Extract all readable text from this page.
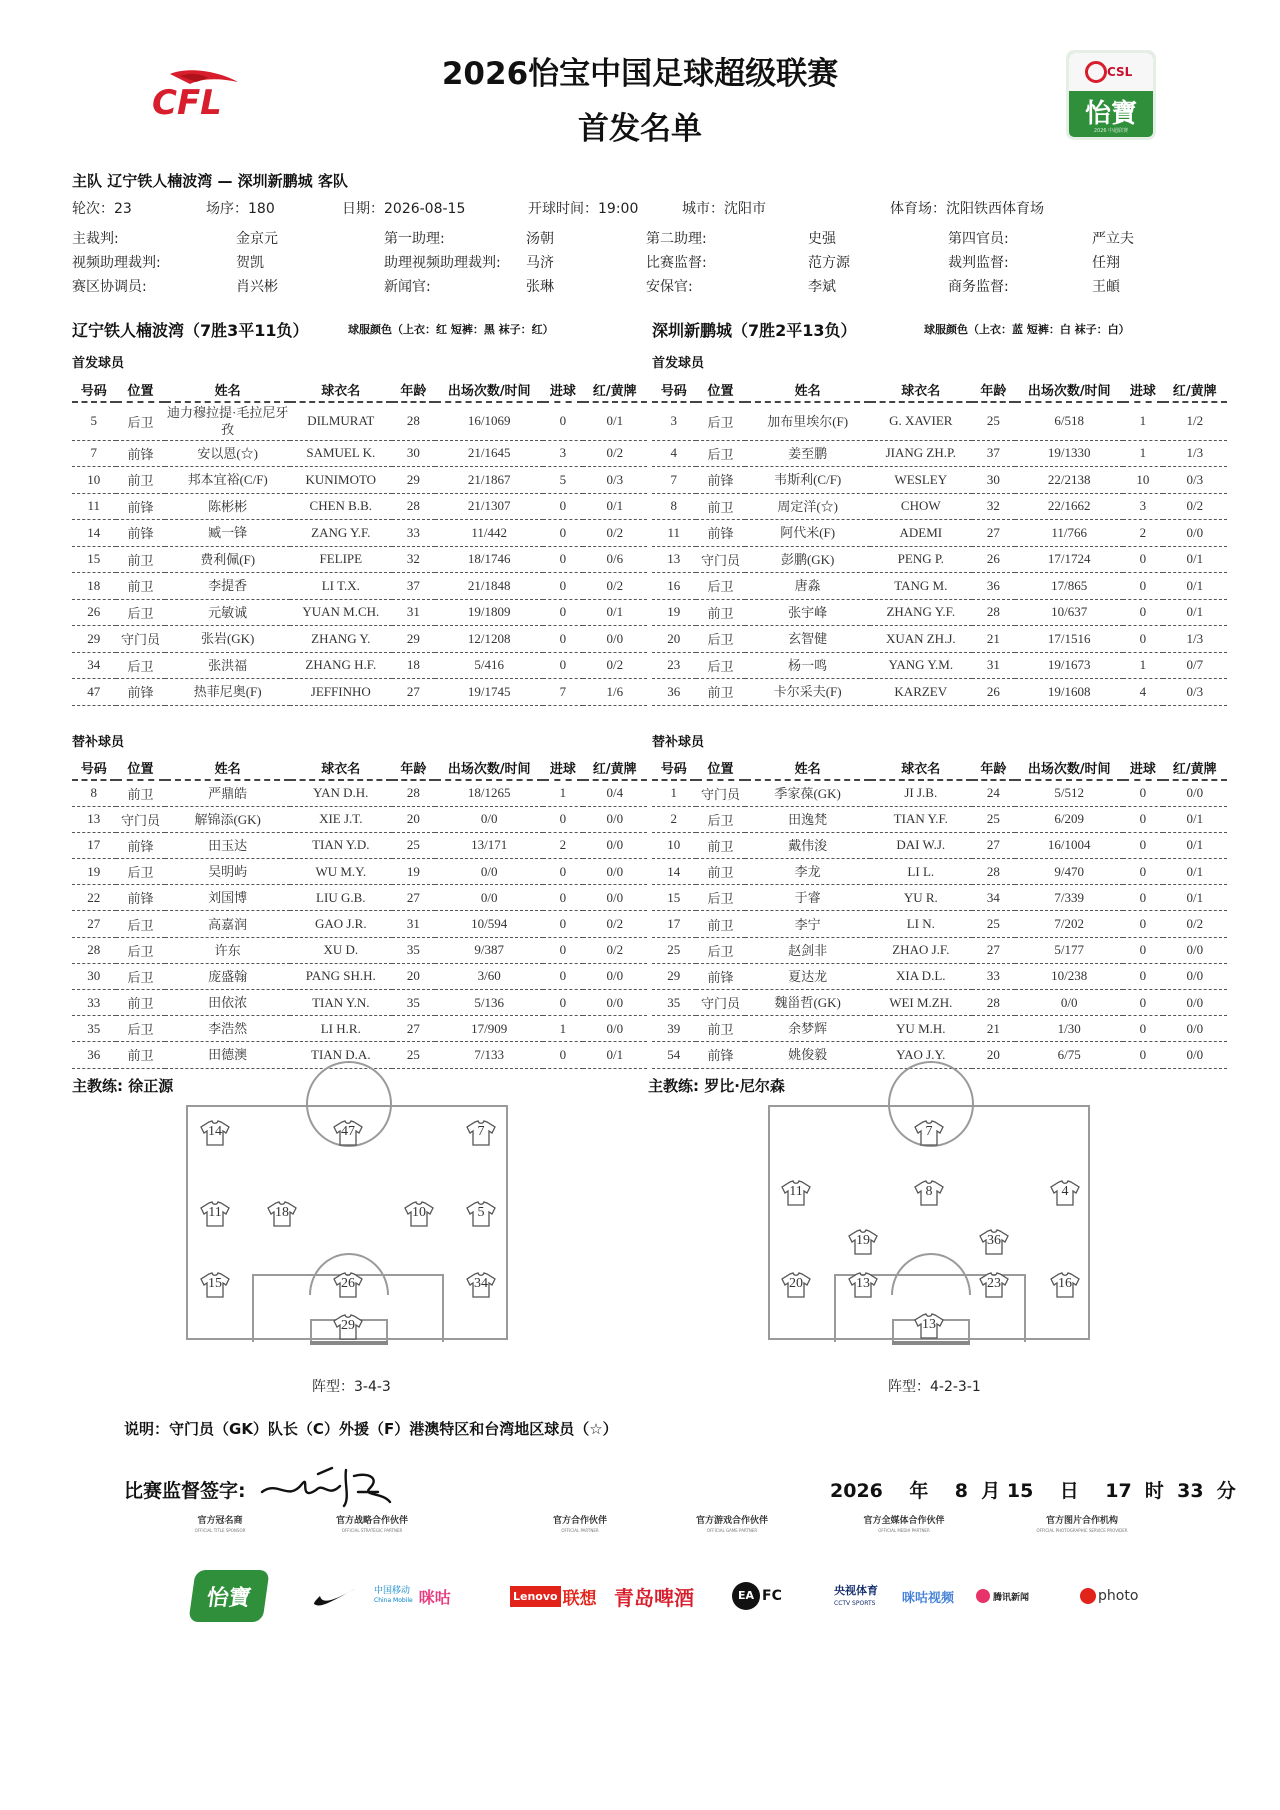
CFL
2026怡宝中国足球超级联赛
首发名单
CSL
怡寶
2026 中超联赛
主队 辽宁铁人楠波湾 — 深圳新鹏城 客队
轮次：23	场序：180	日期：2026-08-15	开球时间：19:00	城市：沈阳市	体育场：沈阳铁西体育场
主裁判:	金京元	第一助理:	汤朝	第二助理:	史强	第四官员:	严立夫
视频助理裁判:	贺凯	助理视频助理裁判: 马济	比赛监督:	范方源	裁判监督:	任翔
赛区协调员:	肖兴彬	新闻官:	张琳	安保官:	李斌	商务监督:	王頔
辽宁铁人楠波湾（7胜3平11负）	球服颜色（上衣：红 短裤：黑 袜子：红）
首发球员
号码	位置	姓名	球衣名	年龄	出场次数/时间	进球	红/黄牌
5	后卫	迪力穆拉提·毛拉尼牙孜	DILMURAT	28	16/1069	0	0/1
7	前锋	安以恩(☆)	SAMUEL K.	30	21/1645	3	0/2
10	前卫	邦本宜裕(C/F)	KUNIMOTO	29	21/1867	5	0/3
11	前锋	陈彬彬	CHEN B.B.	28	21/1307	0	0/1
14	前锋	臧一锋	ZANG Y.F.	33	11/442	0	0/2
15	前卫	费利佩(F)	FELIPE	32	18/1746	0	0/6
18	前卫	李提香	LI T.X.	37	21/1848	0	0/2
26	后卫	元敏诚	YUAN M.CH.	31	19/1809	0	0/1
29	守门员	张岩(GK)	ZHANG Y.	29	12/1208	0	0/0
34	后卫	张洪福	ZHANG H.F.	18	5/416	0	0/2
47	前锋	热菲尼奥(F)	JEFFINHO	27	19/1745	7	1/6
替补球员
号码	位置	姓名	球衣名	年龄	出场次数/时间	进球	红/黄牌
8	前卫	严鼎皓	YAN D.H.	28	18/1265	1	0/4
13	守门员	解锦添(GK)	XIE J.T.	20	0/0	0	0/0
17	前锋	田玉达	TIAN Y.D.	25	13/171	2	0/0
19	后卫	吴明屿	WU M.Y.	19	0/0	0	0/0
22	前锋	刘国博	LIU G.B.	27	0/0	0	0/0
27	后卫	高嘉润	GAO J.R.	31	10/594	0	0/2
28	后卫	许东	XU D.	35	9/387	0	0/2
30	后卫	庞盛翰	PANG SH.H.	20	3/60	0	0/0
33	前卫	田依浓	TIAN Y.N.	35	5/136	0	0/0
35	后卫	李浩然	LI H.R.	27	17/909	1	0/0
36	前卫	田德澳	TIAN D.A.	25	7/133	0	0/1
深圳新鹏城（7胜2平13负）	球服颜色（上衣：蓝 短裤：白 袜子：白）
首发球员
号码	位置	姓名	球衣名	年龄	出场次数/时间	进球	红/黄牌
3	后卫	加布里埃尔(F)	G. XAVIER	25	6/518	1	1/2
4	后卫	姜至鹏	JIANG ZH.P.	37	19/1330	1	1/3
7	前锋	韦斯利(C/F)	WESLEY	30	22/2138	10	0/3
8	前卫	周定洋(☆)	CHOW	32	22/1662	3	0/2
11	前锋	阿代米(F)	ADEMI	27	11/766	2	0/0
13	守门员	彭鹏(GK)	PENG P.	26	17/1724	0	0/1
16	后卫	唐淼	TANG M.	36	17/865	0	0/1
19	前卫	张宇峰	ZHANG Y.F.	28	10/637	0	0/1
20	后卫	玄智健	XUAN ZH.J.	21	17/1516	0	1/3
23	后卫	杨一鸣	YANG Y.M.	31	19/1673	1	0/7
36	前卫	卡尔采夫(F)	KARZEV	26	19/1608	4	0/3
替补球员
号码	位置	姓名	球衣名	年龄	出场次数/时间	进球	红/黄牌
1	守门员	季家葆(GK)	JI J.B.	24	5/512	0	0/0
2	后卫	田逸梵	TIAN Y.F.	25	6/209	0	0/1
10	前卫	戴伟浚	DAI W.J.	27	16/1004	0	0/1
14	前卫	李龙	LI L.	28	9/470	0	0/1
15	后卫	于睿	YU R.	34	7/339	0	0/1
17	前卫	李宁	LI N.	25	7/202	0	0/2
25	后卫	赵剑非	ZHAO J.F.	27	5/177	0	0/0
29	前锋	夏达龙	XIA D.L.	33	10/238	0	0/0
35	守门员	魏甾哲(GK)	WEI M.ZH.	28	0/0	0	0/0
39	前卫	余梦辉	YU M.H.	21	1/30	0	0/0
54	前锋	姚俊毅	YAO J.Y.	20	6/75	0	0/0
主教练: 徐正源	主教练: 罗比·尼尔森
14	47	7
11	18	10	5
15	26	34
29
7
11	8	4
19	36
20	13	23	16
13
阵型：3-4-3	阵型：4-2-3-1
说明：守门员（GK）队长（C）外援（F）港澳特区和台湾地区球员（☆）
比赛监督签字:	2026    年    8  月 15    日    17  时  33  分
官方冠名商
OFFICIAL TITLE SPONSOR
官方战略合作伙伴
OFFICIAL STRATEGIC PARTNER
官方合作伙伴
OFFICIAL PARTNER
官方游戏合作伙伴
OFFICIAL GAME PARTNER
官方全媒体合作伙伴
OFFICIAL MEDIA PARTNER
官方图片合作机构
OFFICIAL PHOTOGRAPHIC SERVICE PROVIDER
怡寶	中国移动
China Mobile 咪咕	Lenovo 联想 青岛啤酒	EA FC	央视体育
CCTV SPORTS 咪咕视频	腾讯新闻	photo
